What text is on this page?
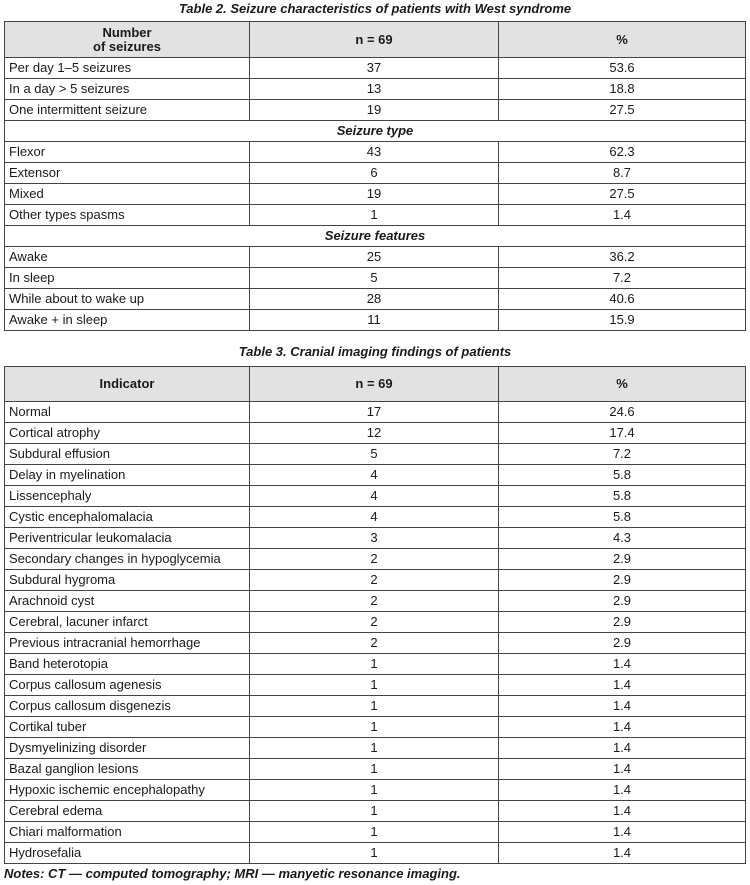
Table 2. Seizure characteristics of patients with West syndrome
Number
of seizures	n = 69	%
Per day 1–5 seizures	37	53.6
In a day > 5 seizures	13	18.8
One intermittent seizure	19	27.5
Seizure type		
Flexor	43	62.3
Extensor	6	8.7
Mixed	19	27.5
Other types spasms	1	1.4
Seizure features		
Awake	25	36.2
In sleep	5	7.2
While about to wake up	28	40.6
Awake + in sleep	11	15.9
Table 3. Cranial imaging findings of patients
Indicator	n = 69	%
Normal	17	24.6
Cortical atrophy	12	17.4
Subdural effusion	5	7.2
Delay in myelination	4	5.8
Lissencephaly	4	5.8
Cystic encephalomalacia	4	5.8
Periventricular leukomalacia	3	4.3
Secondary changes in hypoglycemia	2	2.9
Subdural hygroma	2	2.9
Arachnoid cyst	2	2.9
Cerebral, lacuner infarct	2	2.9
Previous intracranial hemorrhage	2	2.9
Band heterotopia	1	1.4
Corpus callosum agenesis	1	1.4
Corpus callosum disgenezis	1	1.4
Cortikal tuber	1	1.4
Dysmyelinizing disorder	1	1.4
Bazal ganglion lesions	1	1.4
Hypoxic ischemic encephalopathy	1	1.4
Cerebral edema	1	1.4
Chiari malformation	1	1.4
Hydrosefalia	1	1.4
Notes: CT — computed tomography; MRI — manyetic resonance imaging.
